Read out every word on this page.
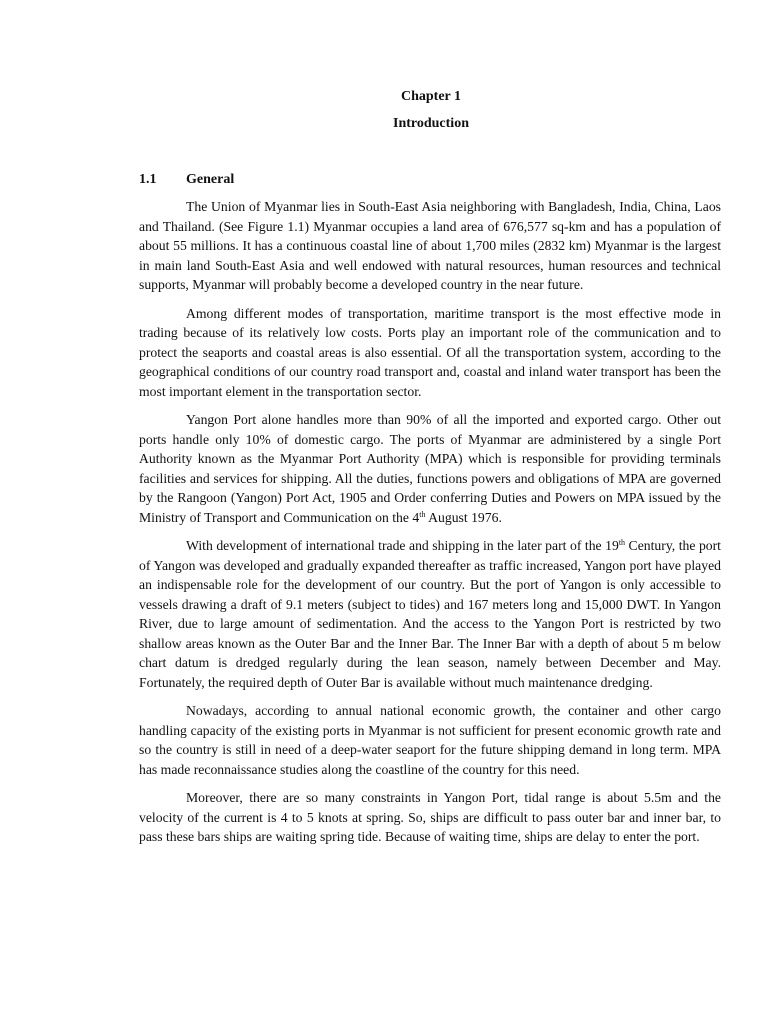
Chapter 1
Introduction
1.1 General

The Union of Myanmar lies in South-East Asia neighboring with Bangladesh, India, China, Laos and Thailand. (See Figure 1.1) Myanmar occupies a land area of 676,577 sq-km and has a population of about 55 millions. It has a continuous coastal line of about 1,700 miles (2832 km) Myanmar is the largest in main land South-East Asia and well endowed with natural resources, human resources and technical supports, Myanmar will probably become a developed country in the near future.

Among different modes of transportation, maritime transport is the most effective mode in trading because of its relatively low costs. Ports play an important role of the communication and to protect the seaports and coastal areas is also essential. Of all the transportation system, according to the geographical conditions of our country road transport and, coastal and inland water transport has been the most important element in the transportation sector.

Yangon Port alone handles more than 90% of all the imported and exported cargo. Other out ports handle only 10% of domestic cargo. The ports of Myanmar are administered by a single Port Authority known as the Myanmar Port Authority (MPA) which is responsible for providing terminals facilities and services for shipping. All the duties, functions powers and obligations of MPA are governed by the Rangoon (Yangon) Port Act, 1905 and Order conferring Duties and Powers on MPA issued by the Ministry of Transport and Communication on the 4th August 1976.

With development of international trade and shipping in the later part of the 19th Century, the port of Yangon was developed and gradually expanded thereafter as traffic increased, Yangon port have played an indispensable role for the development of our country. But the port of Yangon is only accessible to vessels drawing a draft of 9.1 meters (subject to tides) and 167 meters long and 15,000 DWT. In Yangon River, due to large amount of sedimentation. And the access to the Yangon Port is restricted by two shallow areas known as the Outer Bar and the Inner Bar. The Inner Bar with a depth of about 5 m below chart datum is dredged regularly during the lean season, namely between December and May. Fortunately, the required depth of Outer Bar is available without much maintenance dredging.

Nowadays, according to annual national economic growth, the container and other cargo handling capacity of the existing ports in Myanmar is not sufficient for present economic growth rate and so the country is still in need of a deep-water seaport for the future shipping demand in long term. MPA has made reconnaissance studies along the coastline of the country for this need.

Moreover, there are so many constraints in Yangon Port, tidal range is about 5.5m and the velocity of the current is 4 to 5 knots at spring. So, ships are difficult to pass outer bar and inner bar, to pass these bars ships are waiting spring tide. Because of waiting time, ships are delay to enter the port.
